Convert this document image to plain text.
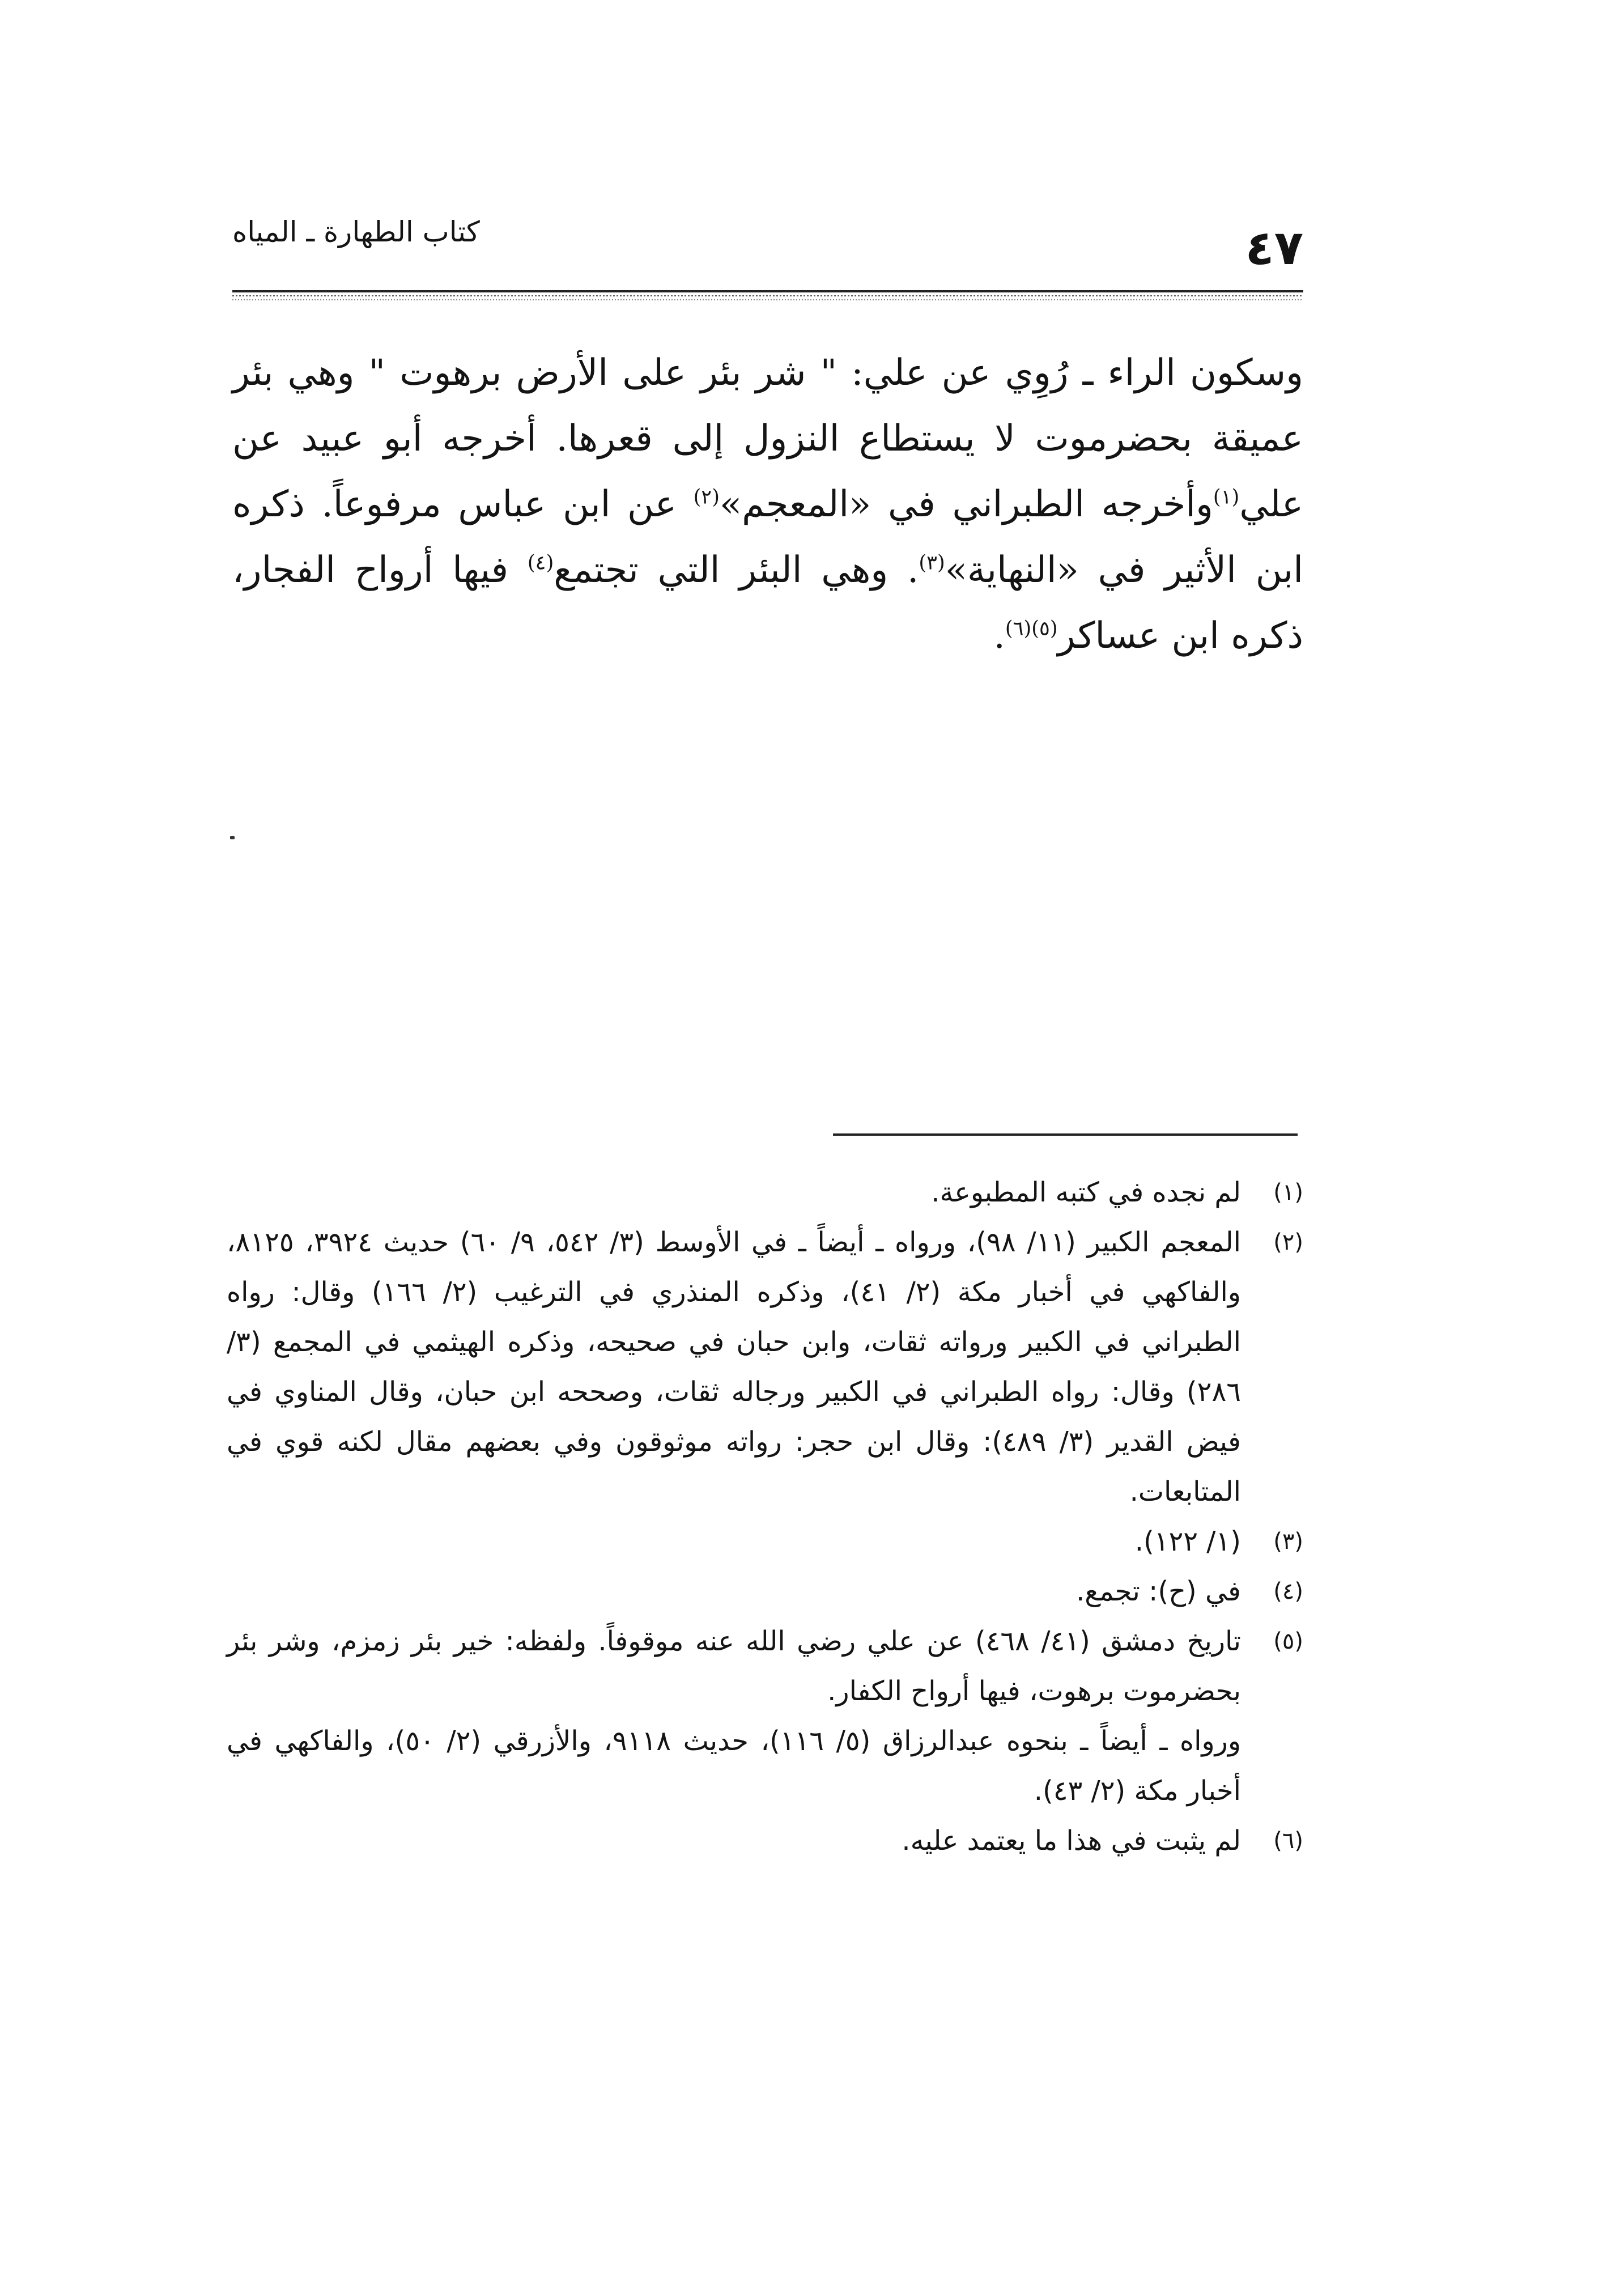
كتاب الطهارة ـ المياه	٤٧

وسكون الراء ـ رُوِي عن علي: " شر بئر على الأرض برهوت " وهي بئر عميقة بحضرموت لا يستطاع النزول إلى قعرها. أخرجه أبو عبيد عن علي$^{(١)}$وأخرجه الطبراني في «المعجم»$^{(٢)}$ عن ابن عباس مرفوعاً. ذكره ابن الأثير في «النهاية»$^{(٣)}$. وهي البئر التي تجتمع$^{(٤)}$ فيها أرواح الفجار، ذكره ابن عساكر$^{(٥)(٦)}$.

(١)

لم نجده في كتبه المطبوعة.

(٢)

المعجم الكبير (١١/ ٩٨)، ورواه ـ أيضاً ـ في الأوسط (٣/ ٥٤٢، ٩/ ٦٠) حديث ٣٩٢٤، ٨١٢٥، والفاكهي في أخبار مكة (٢/ ٤١)، وذكره المنذري في الترغيب (٢/ ١٦٦) وقال: رواه الطبراني في الكبير ورواته ثقات، وابن حبان في صحيحه، وذكره الهيثمي في المجمع (٣/ ٢٨٦) وقال: رواه الطبراني في الكبير ورجاله ثقات، وصححه ابن حبان، وقال المناوي في فيض القدير (٣/ ٤٨٩): وقال ابن حجر: رواته موثوقون وفي بعضهم مقال لكنه قوي في المتابعات.

(٣)

(١/ ١٢٢).

(٤)

في (ح): تجمع.

(٥)

تاريخ دمشق (٤١/ ٤٦٨) عن علي رضي الله عنه موقوفاً. ولفظه: خير بئر زمزم، وشر بئر بحضرموت برهوت، فيها أرواح الكفار.

ورواه ـ أيضاً ـ بنحوه عبدالرزاق (٥/ ١١٦)، حديث ٩١١٨، والأزرقي (٢/ ٥٠)، والفاكهي في أخبار مكة (٢/ ٤٣).

(٦)

لم يثبت في هذا ما يعتمد عليه.
